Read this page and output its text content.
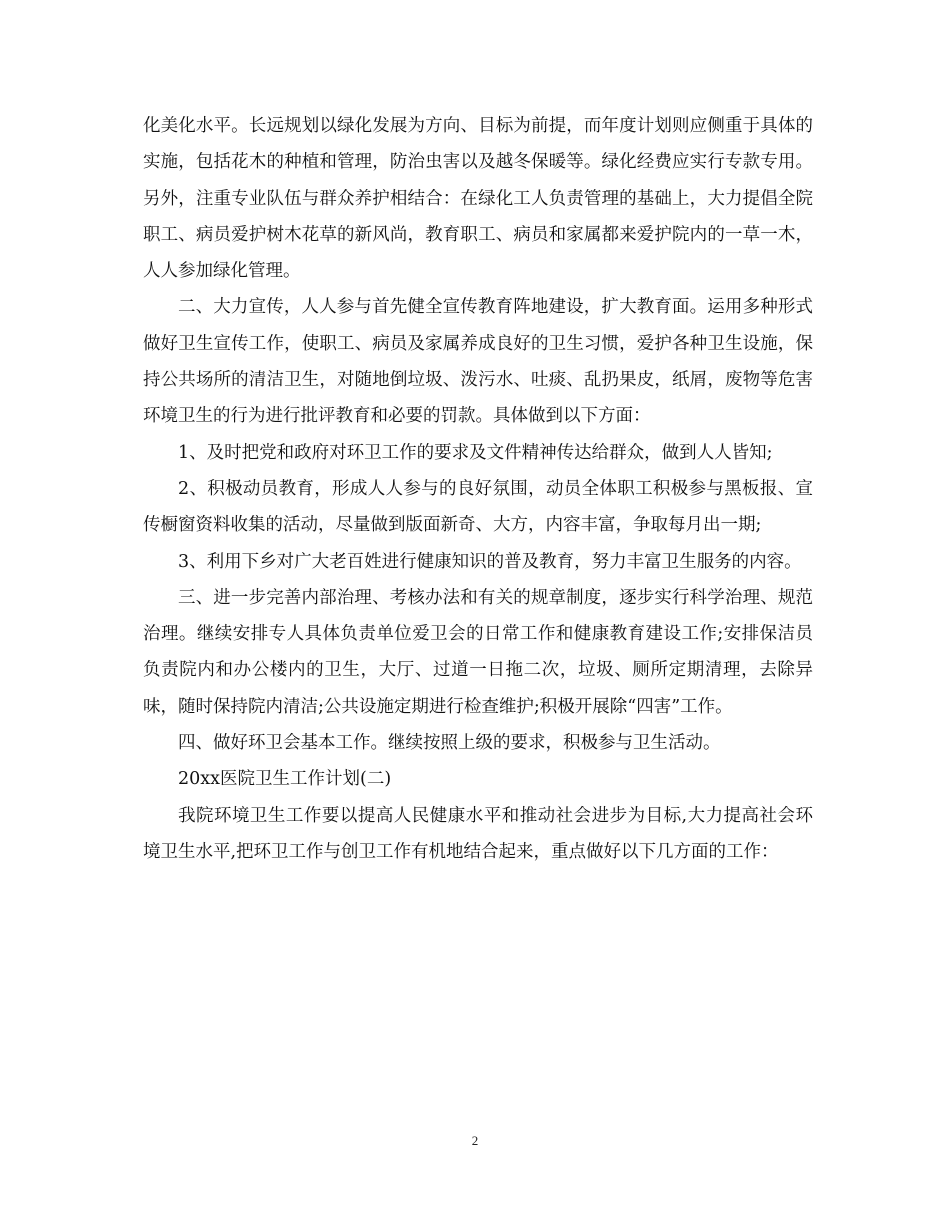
化美化水平。长远规划以绿化发展为方向、目标为前提，而年度计划则应侧重于具体的实施，包括花木的种植和管理，防治虫害以及越冬保暖等。绿化经费应实行专款专用。另外，注重专业队伍与群众养护相结合：在绿化工人负责管理的基础上，大力提倡全院职工、病员爱护树木花草的新风尚，教育职工、病员和家属都来爱护院内的一草一木，人人参加绿化管理。

二、大力宣传，人人参与首先健全宣传教育阵地建设，扩大教育面。运用多种形式做好卫生宣传工作，使职工、病员及家属养成良好的卫生习惯，爱护各种卫生设施，保持公共场所的清洁卫生，对随地倒垃圾、泼污水、吐痰、乱扔果皮，纸屑，废物等危害环境卫生的行为进行批评教育和必要的罚款。具体做到以下方面：

1、及时把党和政府对环卫工作的要求及文件精神传达给群众，做到人人皆知;

2、积极动员教育，形成人人参与的良好氛围，动员全体职工积极参与黑板报、宣传橱窗资料收集的活动，尽量做到版面新奇、大方，内容丰富，争取每月出一期;

3、利用下乡对广大老百姓进行健康知识的普及教育，努力丰富卫生服务的内容。

三、进一步完善内部治理、考核办法和有关的规章制度，逐步实行科学治理、规范治理。继续安排专人具体负责单位爱卫会的日常工作和健康教育建设工作;安排保洁员负责院内和办公楼内的卫生，大厅、过道一日拖二次，垃圾、厕所定期清理，去除异味，随时保持院内清洁;公共设施定期进行检查维护;积极开展除“四害”工作。

四、做好环卫会基本工作。继续按照上级的要求，积极参与卫生活动。

20xx医院卫生工作计划(二)

我院环境卫生工作要以提高人民健康水平和推动社会进步为目标,大力提高社会环境卫生水平,把环卫工作与创卫工作有机地结合起来，重点做好以下几方面的工作：

2
